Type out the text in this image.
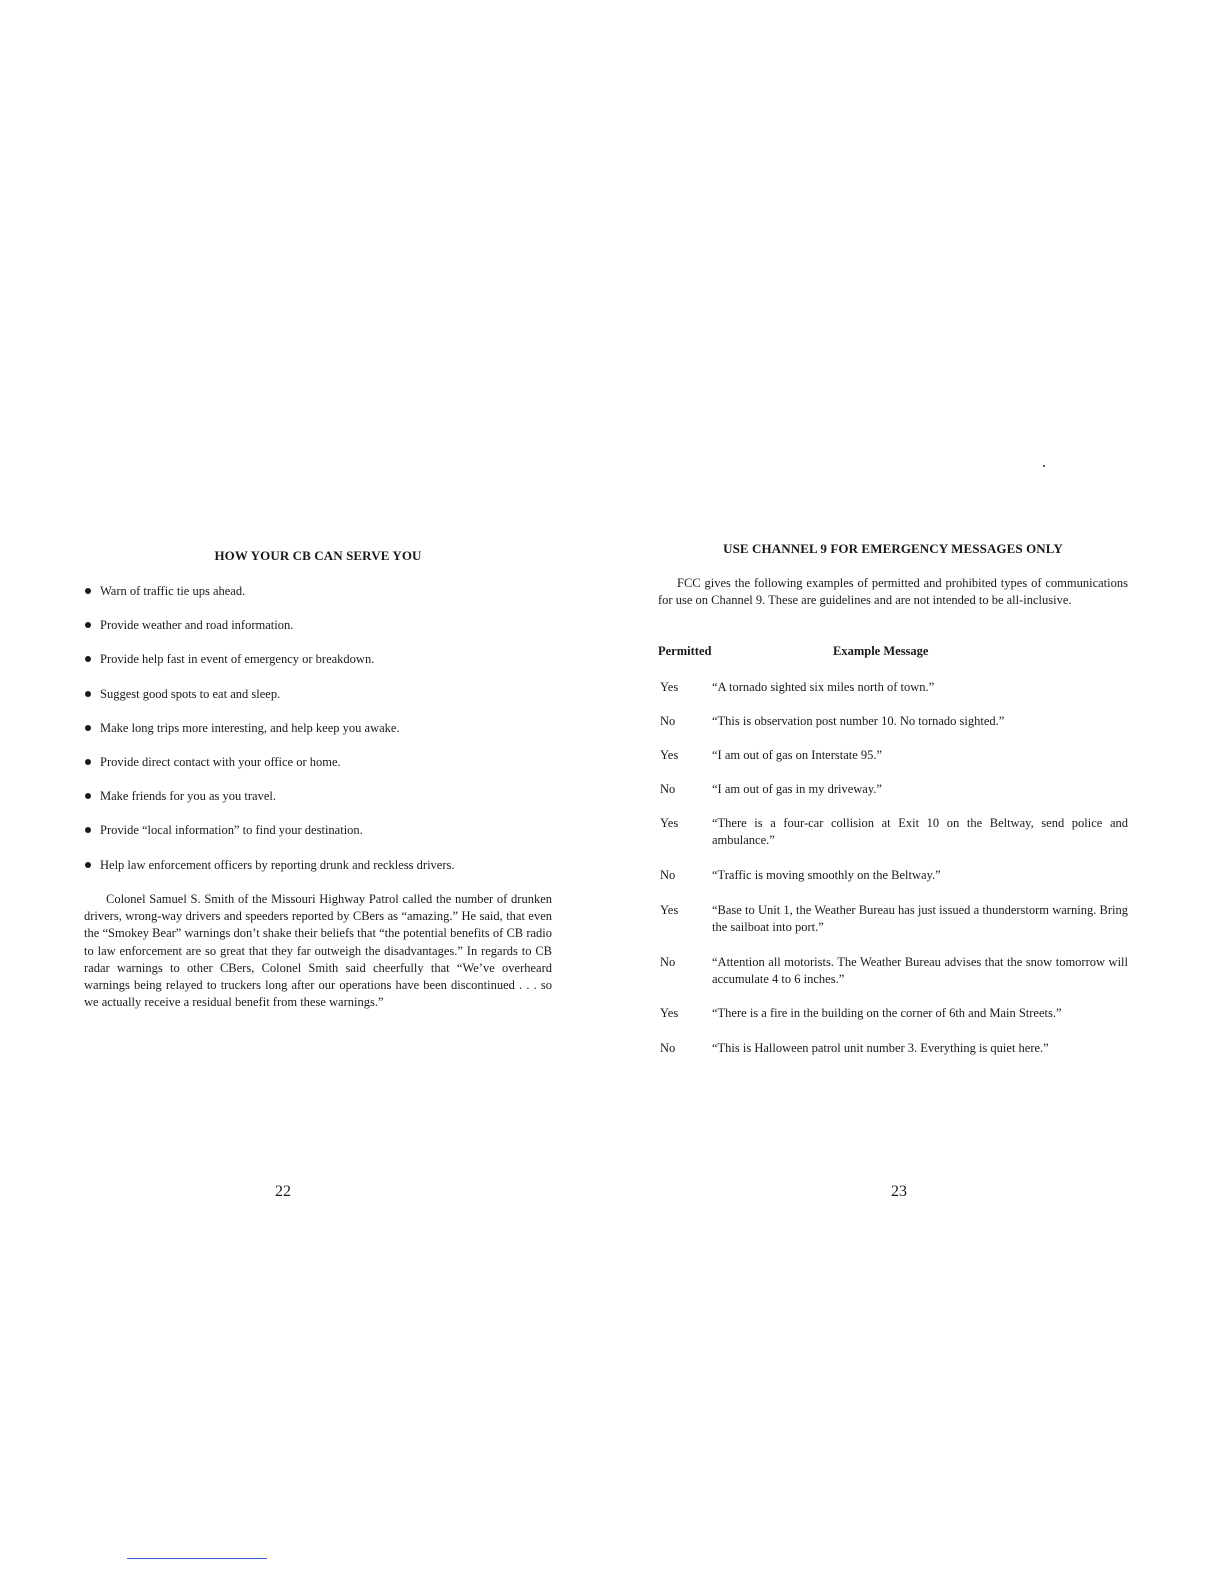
HOW YOUR CB CAN SERVE YOU
Warn of traffic tie ups ahead.
Provide weather and road information.
Provide help fast in event of emergency or breakdown.
Suggest good spots to eat and sleep.
Make long trips more interesting, and help keep you awake.
Provide direct contact with your office or home.
Make friends for you as you travel.
Provide “local information” to find your destination.
Help law enforcement officers by reporting drunk and reckless drivers.

Colonel Samuel S. Smith of the Missouri Highway Patrol called the number of drunken drivers, wrong-way drivers and speeders reported by CBers as “amazing.” He said, that even the “Smokey Bear” warnings don’t shake their beliefs that “the potential benefits of CB radio to law enforcement are so great that they far outweigh the disadvantages.” In regards to CB radar warnings to other CBers, Colonel Smith said cheerfully that “We’ve overheard warnings being relayed to truckers long after our operations have been discontinued . . . so we actually receive a residual benefit from these warnings.”

22
USE CHANNEL 9 FOR EMERGENCY MESSAGES ONLY

FCC gives the following examples of permitted and prohibited types of communications for use on Channel 9. These are guidelines and are not intended to be all-inclusive.

Permitted	Example Message
Yes	“A tornado sighted six miles north of town.”
No	“This is observation post number 10. No tornado sighted.”
Yes	“I am out of gas on Interstate 95.”
No	“I am out of gas in my driveway.”
Yes	“There is a four-car collision at Exit 10 on the Beltway, send police and ambulance.”
No	“Traffic is moving smoothly on the Beltway.”
Yes	“Base to Unit 1, the Weather Bureau has just issued a thunderstorm warning. Bring the sailboat into port.”
No	“Attention all motorists. The Weather Bureau advises that the snow tomorrow will accumulate 4 to 6 inches.”
Yes	“There is a fire in the building on the corner of 6th and Main Streets.”
No	“This is Halloween patrol unit number 3. Everything is quiet here.”
23
